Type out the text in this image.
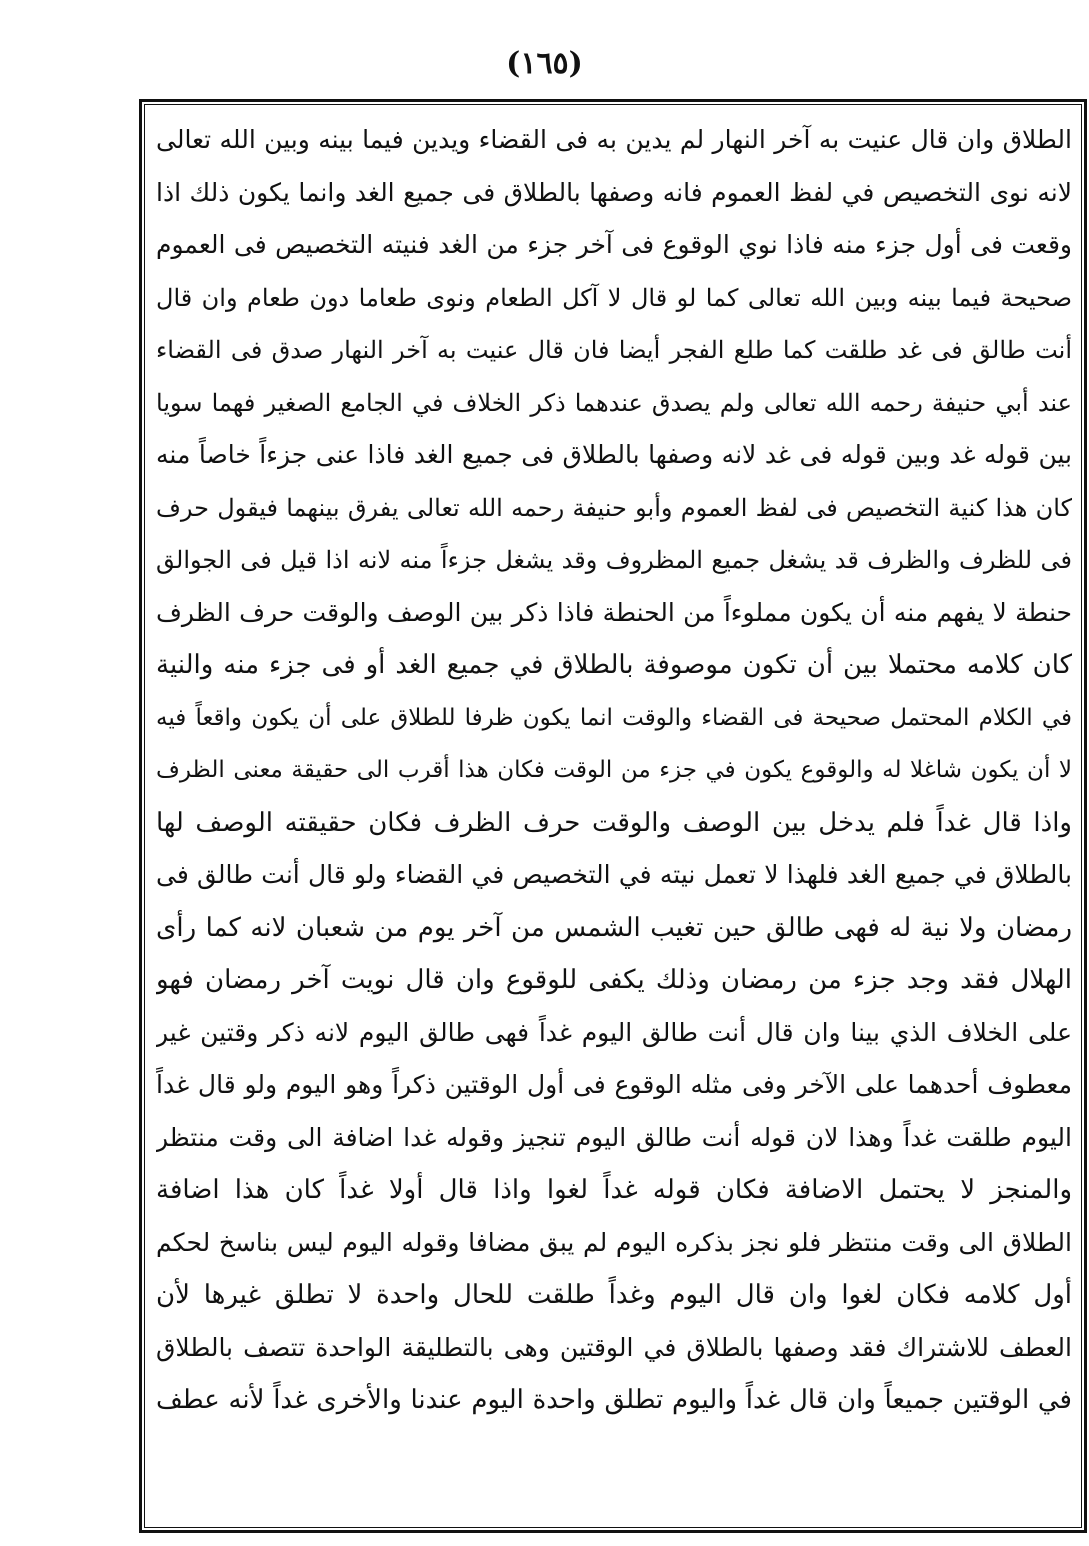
(١٦٥)
الطلاق وان قال عنيت به آخر النهار لم يدين به فى القضاء ويدين فيما بينه وبين الله تعالى
لانه نوى التخصيص في لفظ العموم فانه وصفها بالطلاق فى جميع الغد وانما يكون ذلك اذا
وقعت فى أول جزء منه فاذا نوي الوقوع فى آخر جزء من الغد فنيته التخصيص فى العموم
صحيحة فيما بينه وبين الله تعالى كما لو قال لا آكل الطعام ونوى طعاما دون طعام وان قال
أنت طالق فى غد طلقت كما طلع الفجر أيضا فان قال عنيت به آخر النهار صدق فى القضاء
عند أبي حنيفة رحمه الله تعالى ولم يصدق عندهما ذكر الخلاف في الجامع الصغير فهما سويا
بين قوله غد وبين قوله فى غد لانه وصفها بالطلاق فى جميع الغد فاذا عنى جزءاً خاصاً منه
كان هذا كنية التخصيص فى لفظ العموم وأبو حنيفة رحمه الله تعالى يفرق بينهما فيقول حرف
فى للظرف والظرف قد يشغل جميع المظروف وقد يشغل جزءاً منه لانه اذا قيل فى الجوالق
حنطة لا يفهم منه أن يكون مملوءاً من الحنطة فاذا ذكر بين الوصف والوقت حرف الظرف
كان كلامه محتملا بين أن تكون موصوفة بالطلاق في جميع الغد أو فى جزء منه والنية
في الكلام المحتمل صحيحة فى القضاء والوقت انما يكون ظرفا للطلاق على أن يكون واقعاً فيه
لا أن يكون شاغلا له والوقوع يكون في جزء من الوقت فكان هذا أقرب الى حقيقة معنى الظرف
واذا قال غداً فلم يدخل بين الوصف والوقت حرف الظرف فكان حقيقته الوصف لها
بالطلاق في جميع الغد فلهذا لا تعمل نيته في التخصيص في القضاء ولو قال أنت طالق فى
رمضان ولا نية له فهى طالق حين تغيب الشمس من آخر يوم من شعبان لانه كما رأى
الهلال فقد وجد جزء من رمضان وذلك يكفى للوقوع وان قال نويت آخر رمضان فهو
على الخلاف الذي بينا وان قال أنت طالق اليوم غداً فهى طالق اليوم لانه ذكر وقتين غير
معطوف أحدهما على الآخر وفى مثله الوقوع فى أول الوقتين ذكراً وهو اليوم ولو قال غداً
اليوم طلقت غداً وهذا لان قوله أنت طالق اليوم تنجيز وقوله غدا اضافة الى وقت منتظر
والمنجز لا يحتمل الاضافة فكان قوله غداً لغوا واذا قال أولا غداً كان هذا اضافة
الطلاق الى وقت منتظر فلو نجز بذكره اليوم لم يبق مضافا وقوله اليوم ليس بناسخ لحكم
أول كلامه فكان لغوا وان قال اليوم وغداً طلقت للحال واحدة لا تطلق غيرها لأن
العطف للاشتراك فقد وصفها بالطلاق في الوقتين وهى بالتطليقة الواحدة تتصف بالطلاق
في الوقتين جميعاً وان قال غداً واليوم تطلق واحدة اليوم عندنا والأخرى غداً لأنه عطف
